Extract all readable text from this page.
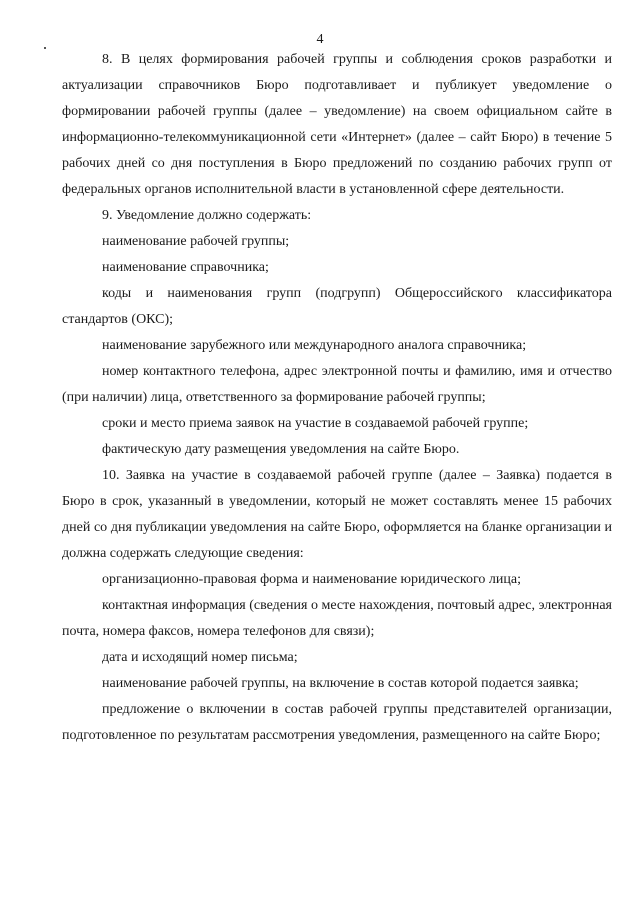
4

8. В целях формирования рабочей группы и соблюдения сроков разработки и актуализации справочников Бюро подготавливает и публикует уведомление о формировании рабочей группы (далее – уведомление) на своем официальном сайте в информационно-телекоммуникационной сети «Интернет» (далее – сайт Бюро) в течение 5 рабочих дней со дня поступления в Бюро предложений по созданию рабочих групп от федеральных органов исполнительной власти в установленной сфере деятельности.

9. Уведомление должно содержать:

наименование рабочей группы;

наименование справочника;

коды и наименования групп (подгрупп) Общероссийского классификатора стандартов (ОКС);

наименование зарубежного или международного аналога справочника;

номер контактного телефона, адрес электронной почты и фамилию, имя и отчество (при наличии) лица, ответственного за формирование рабочей группы;

сроки и место приема заявок на участие в создаваемой рабочей группе;

фактическую дату размещения уведомления на сайте Бюро.

10. Заявка на участие в создаваемой рабочей группе (далее – Заявка) подается в Бюро в срок, указанный в уведомлении, который не может составлять менее 15 рабочих дней со дня публикации уведомления на сайте Бюро, оформляется на бланке организации и должна содержать следующие сведения:

организационно-правовая форма и наименование юридического лица;

контактная информация (сведения о месте нахождения, почтовый адрес, электронная почта, номера факсов, номера телефонов для связи);

дата и исходящий номер письма;

наименование рабочей группы, на включение в состав которой подается заявка;

предложение о включении в состав рабочей группы представителей организации, подготовленное по результатам рассмотрения уведомления, размещенного на сайте Бюро;
